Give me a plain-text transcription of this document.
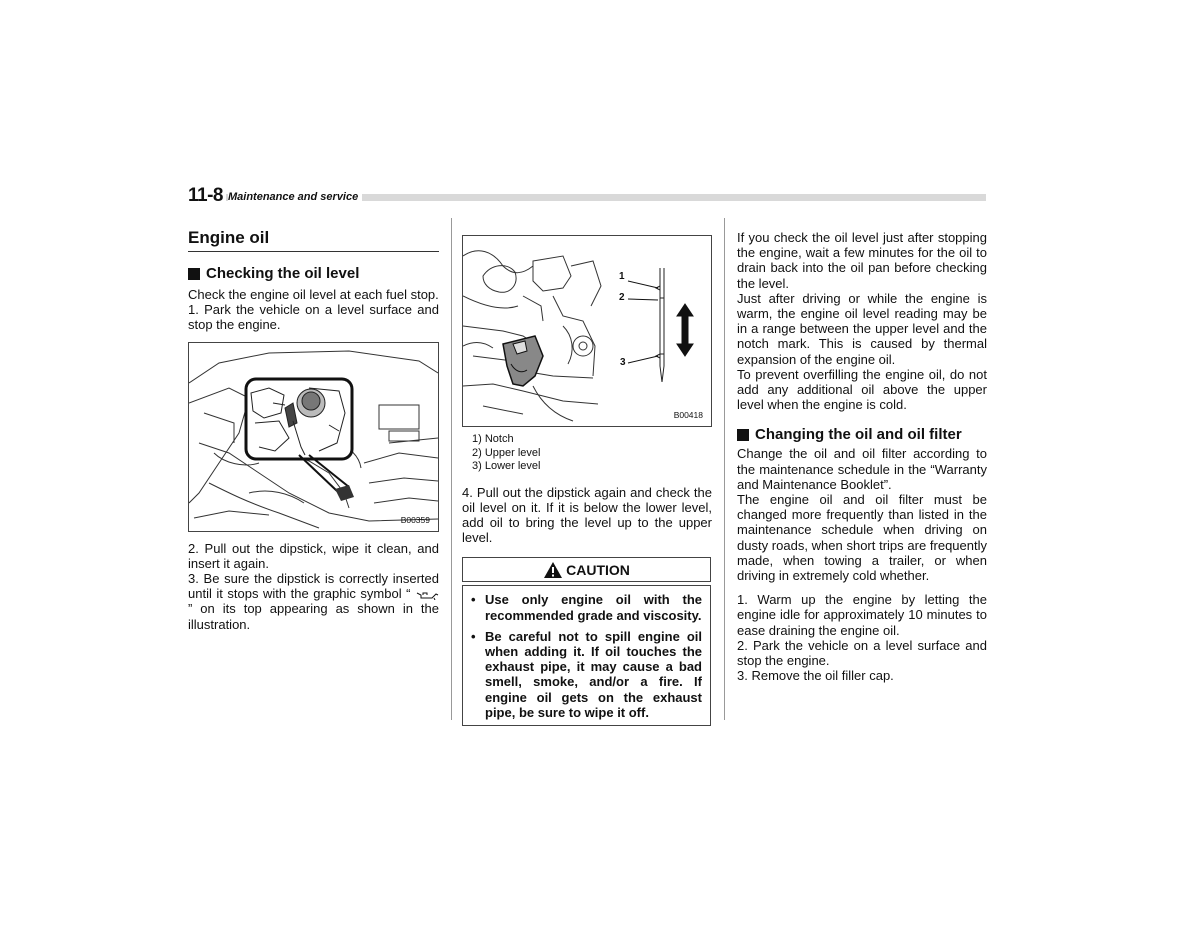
11-8 Maintenance and service
Engine oil
Checking the oil level

Check the engine oil level at each fuel stop.

1. Park the vehicle on a level surface and stop the engine.

B00359

2. Pull out the dipstick, wipe it clean, and insert it again.

3. Be sure the dipstick is correctly inserted until it stops with the graphic symbol “  ” on its top appearing as shown in the illustration.

1
2
3
B00418
1) Notch
2) Upper level
3) Lower level

4. Pull out the dipstick again and check the oil level on it. If it is below the lower level, add oil to bring the level up to the upper level.

CAUTION
• Use only engine oil with the recommended grade and viscosity.
• Be careful not to spill engine oil when adding it. If oil touches the exhaust pipe, it may cause a bad smell, smoke, and/or a fire. If engine oil gets on the exhaust pipe, be sure to wipe it off.

If you check the oil level just after stopping the engine, wait a few minutes for the oil to drain back into the oil pan before checking the level.

Just after driving or while the engine is warm, the engine oil level reading may be in a range between the upper level and the notch mark. This is caused by thermal expansion of the engine oil.

To prevent overfilling the engine oil, do not add any additional oil above the upper level when the engine is cold.

Changing the oil and oil filter

Change the oil and oil filter according to the maintenance schedule in the “Warranty and Maintenance Booklet”.

The engine oil and oil filter must be changed more frequently than listed in the maintenance schedule when driving on dusty roads, when short trips are frequently made, when towing a trailer, or when driving in extremely cold whether.

1. Warm up the engine by letting the engine idle for approximately 10 minutes to ease draining the engine oil.

2. Park the vehicle on a level surface and stop the engine.

3. Remove the oil filler cap.
